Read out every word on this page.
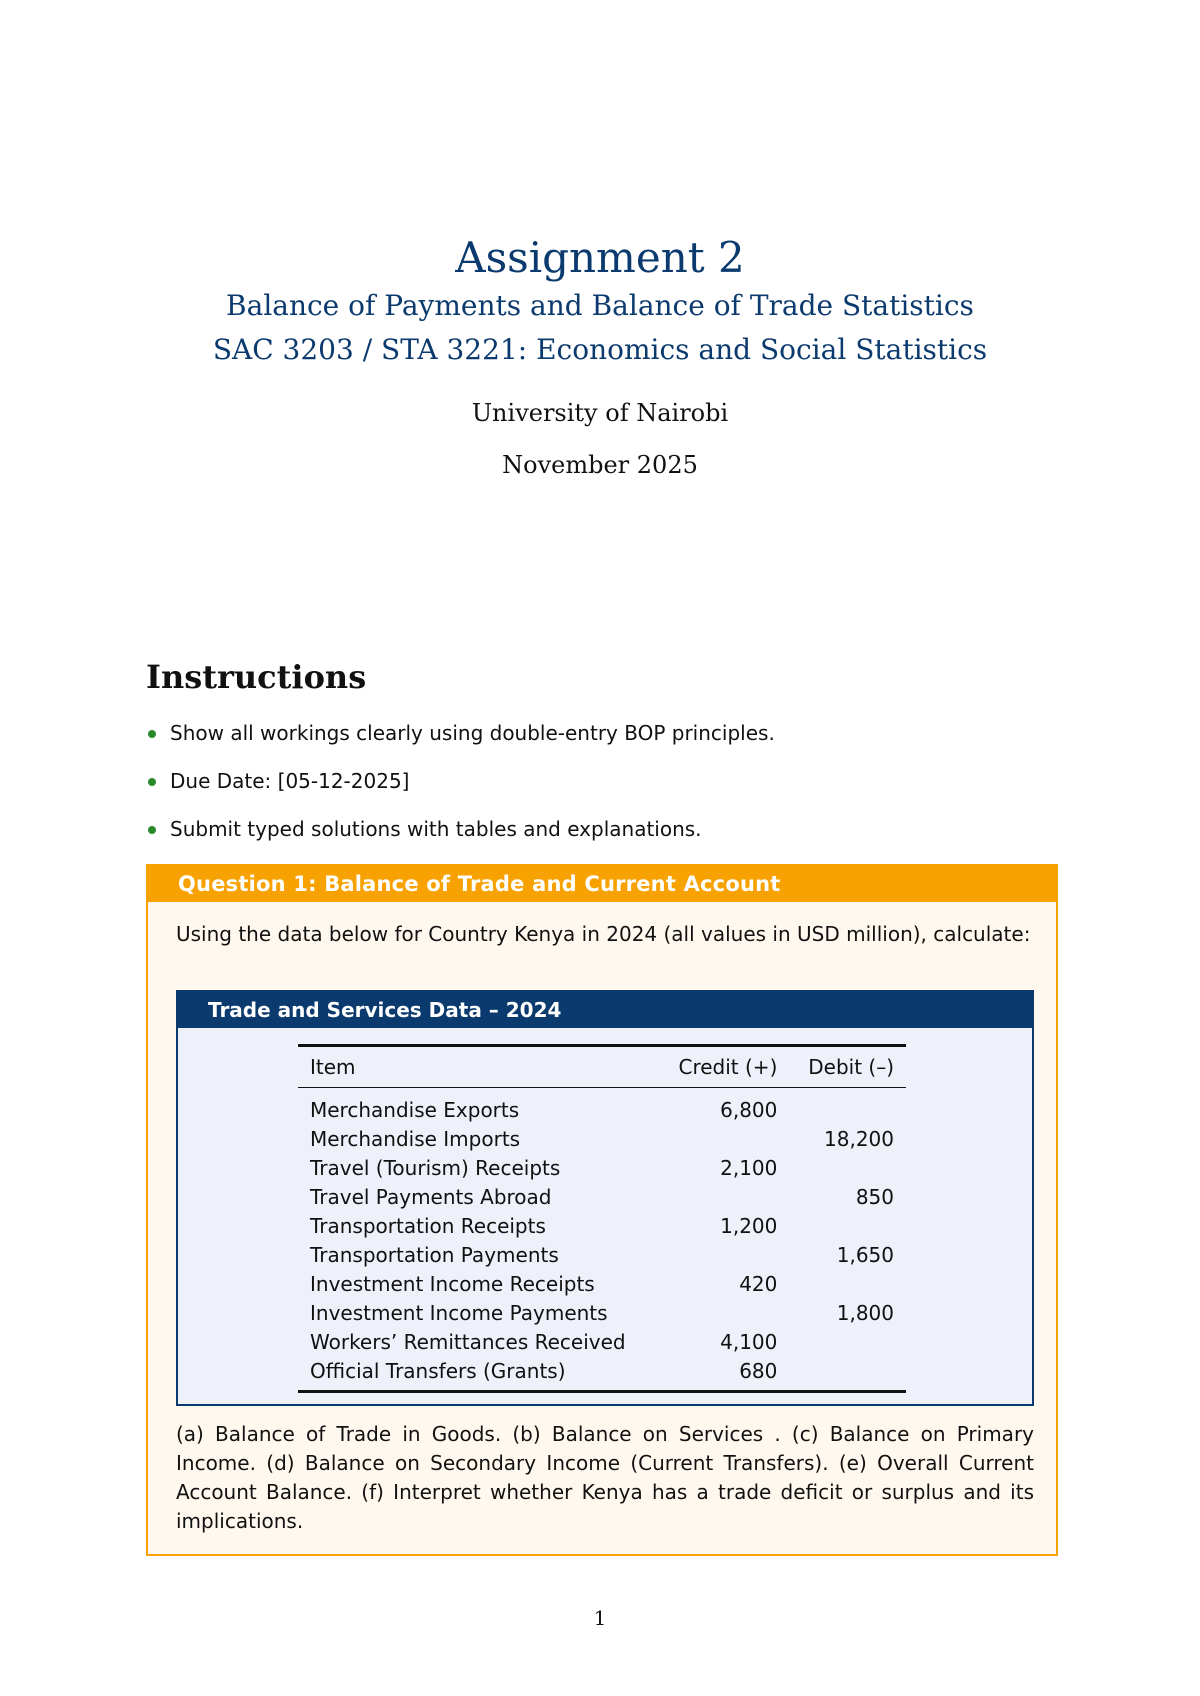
Assignment 2
Balance of Payments and Balance of Trade Statistics
SAC 3203 / STA 3221: Economics and Social Statistics
University of Nairobi
November 2025
Instructions
Show all workings clearly using double-entry BOP principles.
Due Date: [05-12-2025]
Submit typed solutions with tables and explanations.
Question 1: Balance of Trade and Current Account
Using the data below for Country Kenya in 2024 (all values in USD million), calculate:
Trade and Services Data – 2024
Item	Credit (+)	Debit (–)
Merchandise Exports	6,800	
Merchandise Imports		18,200
Travel (Tourism) Receipts	2,100	
Travel Payments Abroad		850
Transportation Receipts	1,200	
Transportation Payments		1,650
Investment Income Receipts	420	
Investment Income Payments		1,800
Workers’ Remittances Received	4,100	
Official Transfers (Grants)	680	
(a) Balance of Trade in Goods. (b) Balance on Services . (c) Balance on Primary Income. (d) Balance on Secondary Income (Current Transfers). (e) Overall Current Account Balance. (f) Interpret whether Kenya has a trade deficit or surplus and its implications.
1
